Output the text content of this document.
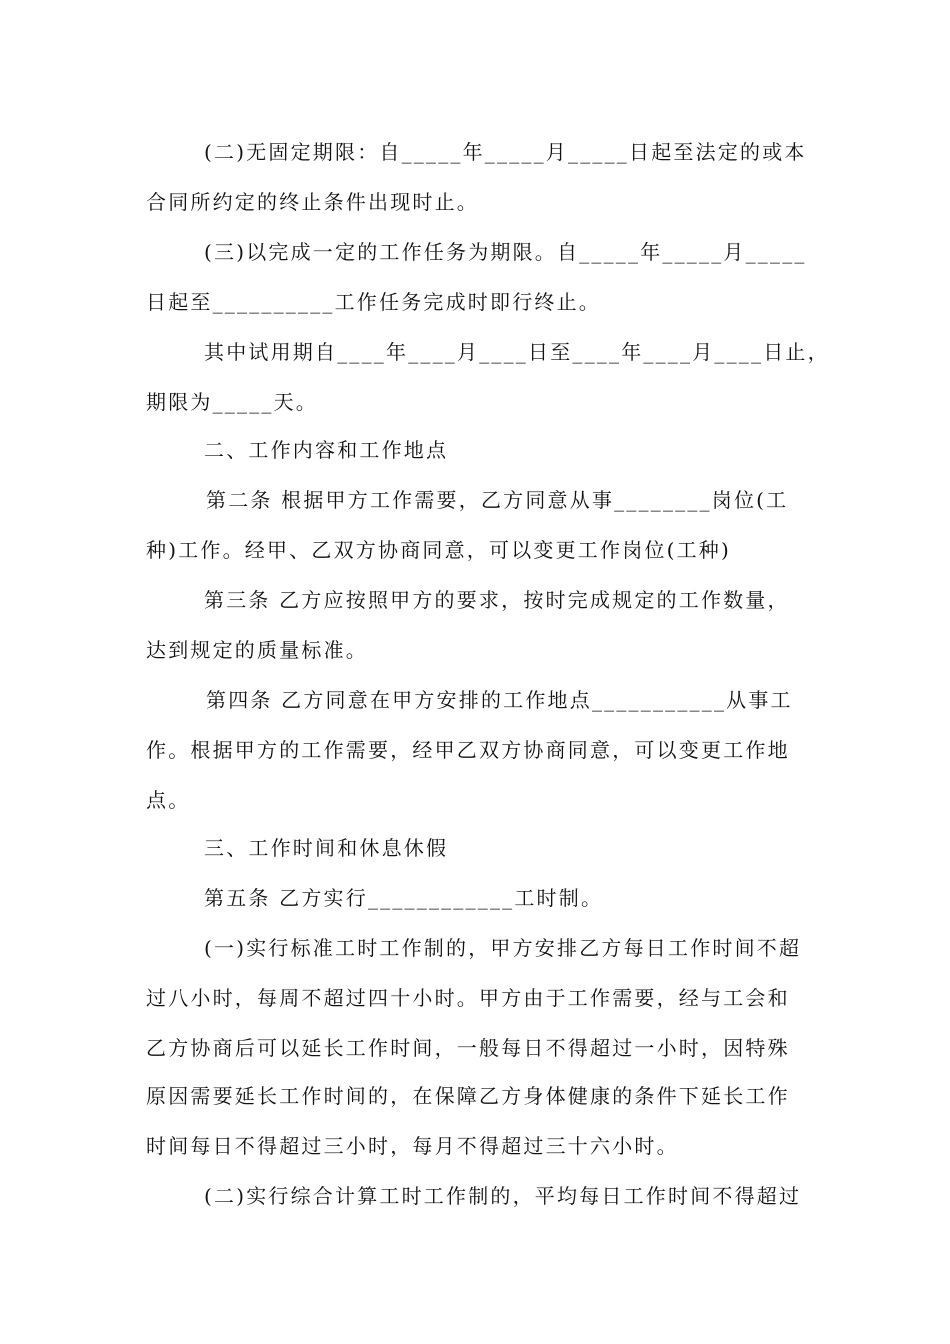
(二)无固定期限：自_____年_____月_____日起至法定的或本
合同所约定的终止条件出现时止。
(三)以完成一定的工作任务为期限。自_____年_____月_____
日起至__________工作任务完成时即行终止。
其中试用期自____年____月____日至____年____月____日止，
期限为_____天。
二、工作内容和工作地点
第二条 根据甲方工作需要，乙方同意从事________岗位(工
种)工作。经甲、乙双方协商同意，可以变更工作岗位(工种)
第三条 乙方应按照甲方的要求，按时完成规定的工作数量，
达到规定的质量标准。
第四条 乙方同意在甲方安排的工作地点___________从事工
作。根据甲方的工作需要，经甲乙双方协商同意，可以变更工作地
点。
三、工作时间和休息休假
第五条 乙方实行____________工时制。
(一)实行标准工时工作制的，甲方安排乙方每日工作时间不超
过八小时，每周不超过四十小时。甲方由于工作需要，经与工会和
乙方协商后可以延长工作时间，一般每日不得超过一小时，因特殊
原因需要延长工作时间的，在保障乙方身体健康的条件下延长工作
时间每日不得超过三小时，每月不得超过三十六小时。
(二)实行综合计算工时工作制的，平均每日工作时间不得超过
